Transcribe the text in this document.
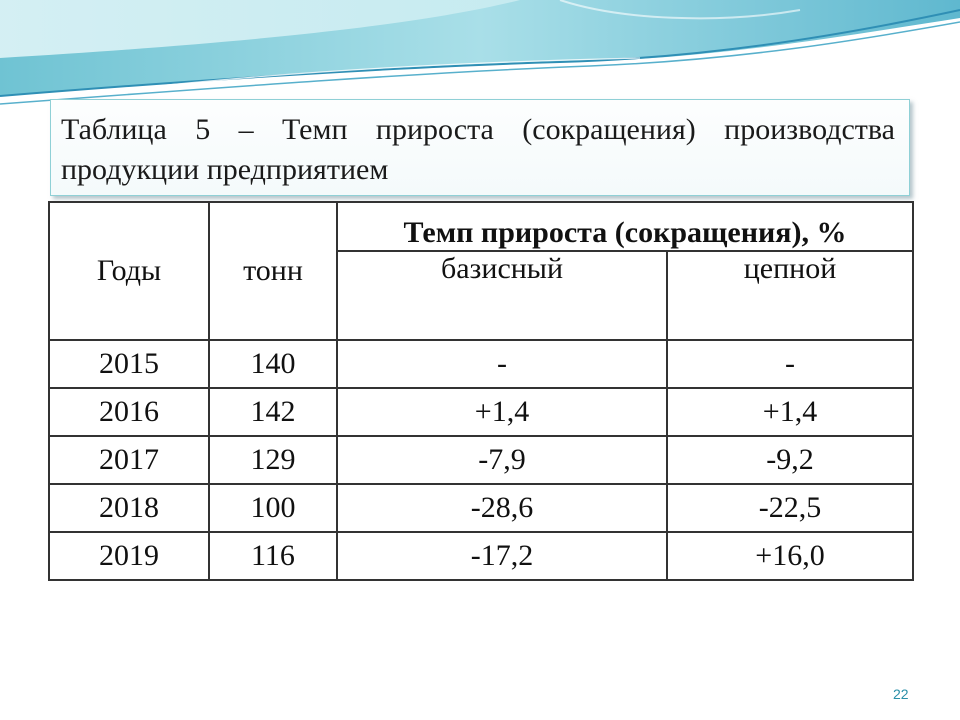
Таблица 5 – Темп прироста (сокращения) производства продукции предприятием
Годы	тонн	Темп прироста (сокращения), %	
		базисный	цепной
2015	140	-	-
2016	142	+1,4	+1,4
2017	129	-7,9	-9,2
2018	100	-28,6	-22,5
2019	116	-17,2	+16,0
22
